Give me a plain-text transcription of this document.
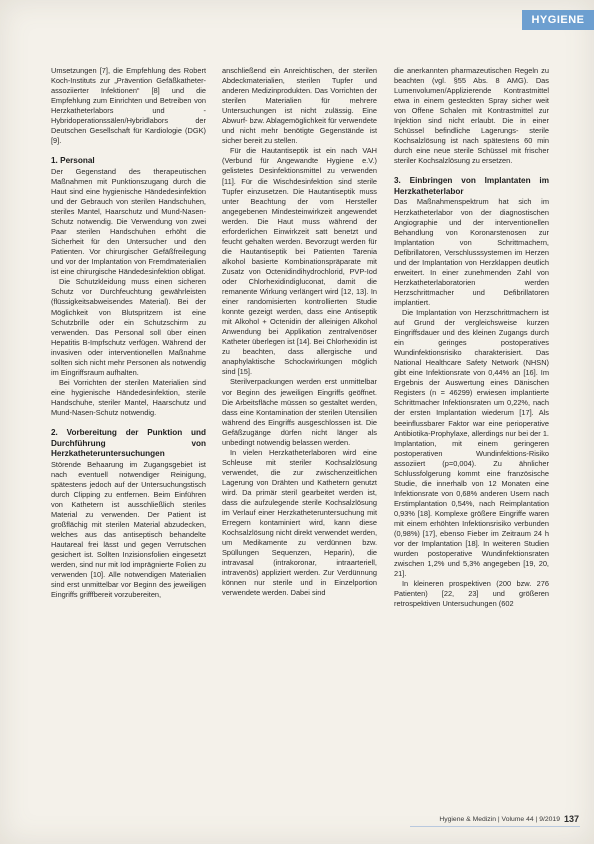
HYGIENE

Umsetzungen [7], die Empfehlung des Robert Koch-Instituts zur „Prävention Gefäßkatheter-assoziierter Infektionen“ [8] und die Empfehlung zum Einrichten und Betreiben von Herzkatheterlabors und -Hybridoperationssälen/Hybridlabors der Deutschen Gesellschaft für Kardiologie (DGK) [9].

1. Personal

Der Gegenstand des therapeutischen Maßnahmen mit Punktionszugang durch die Haut sind eine hygienische Händedesinfektion und der Gebrauch von sterilen Handschuhen, steriles Mantel, Haarschutz und Mund-Nasen-Schutz notwendig. Die Verwendung von zwei Paar sterilen Handschuhen erhöht die Sicherheit für den Untersucher und den Patienten. Vor chirurgischer Gefäßfreilegung und vor der Implantation von Fremdmaterialien ist eine chirurgische Händedesinfektion obligat.

Die Schutzkleidung muss einen sicheren Schutz vor Durchfeuchtung gewährleisten (flüssigkeitsabweisendes Material). Bei der Möglichkeit von Blutspritzern ist eine Schutzbrille oder ein Schutzschirm zu verwenden. Das Personal soll über einen Hepatitis B-Impfschutz verfügen. Während der invasiven oder interventionellen Maßnahme sollten sich nicht mehr Personen als notwendig im Eingriffsraum aufhalten.

Bei Vorrichten der sterilen Materialien sind eine hygienische Händedesinfektion, sterile Handschuhe, steriler Mantel, Haarschutz und Mund-Nasen-Schutz notwendig.

2. Vorbereitung der Punktion und Durchführung von Herzkatheteruntersuchungen

Störende Behaarung im Zugangsgebiet ist nach eventuell notwendiger Reinigung, spätestens jedoch auf der Untersuchungstisch durch Clipping zu entfernen. Beim Einführen von Kathetern ist ausschließlich steriles Material zu verwenden. Der Patient ist großflächig mit sterilen Material abzudecken, welches aus das antiseptisch behandelte Hautareal frei lässt und gegen Verrutschen gesichert ist. Sollten Inzisionsfolien eingesetzt werden, sind nur mit Iod imprägnierte Folien zu verwenden [10]. Alle notwendigen Materialien sind erst unmittelbar vor Beginn des jeweiligen Eingriffs grifffbereit vorzubereiten,

anschließend ein Anreichtischen, der sterilen Abdeckmaterialien, sterilen Tupfer und anderen Medizinprodukten. Das Vorrichten der sterilen Materialien für mehrere Untersuchungen ist nicht zulässig. Eine Abwurf- bzw. Ablagemöglichkeit für verwendete und nicht mehr benötigte Gegenstände ist sicher bereit zu stellen.

Für die Hautantiseptik ist ein nach VAH (Verbund für Angewandte Hygiene e.V.) gelistetes Desinfektionsmittel zu verwenden [11]. Für die Wischdesinfektion sind sterile Tupfer einzusetzen. Die Hautantiseptik muss unter Beachtung der vom Hersteller angegebenen Mindesteinwirkzeit angewendet werden. Die Haut muss während der erforderlichen Einwirkzeit satt benetzt und feucht gehalten werden. Bevorzugt werden für die Hautantiseptik bei Patienten Tarenia alkohol basierte Kombinationspräparate mit Zusatz von Octenidindihydrochlorid, PVP-Iod oder Chlorhexidindigluconat, damit die remanente Wirkung verlängert wird [12, 13]. In einer randomisierten kontrollierten Studie konnte gezeigt werden, dass eine Antiseptik mit Alkohol + Octenidin der alleinigen Alkohol Anwendung bei Applikation zentralvenöser Katheter überlegen ist [14]. Bei Chlorhexidin ist zu beachten, dass allergische und anaphylaktische Schockwirkungen möglich sind [15].

Sterilverpackungen werden erst unmittelbar vor Beginn des jeweiligen Eingriffs geöffnet. Die Arbeitsfläche müssen so gestaltet werden, dass eine Kontamination der sterilen Utensilien während des Eingriffs ausgeschlossen ist. Die Gefäßzugänge dürfen nicht länger als unbedingt notwendig belassen werden.

In vielen Herzkatheterlaboren wird eine Schleuse mit steriler Kochsalzlösung verwendet, die zur zwischenzeitlichen Lagerung von Drähten und Kathetern genutzt wird. Da primär steril gearbeitet werden ist, dass die aufzulegende sterile Kochsalzlösung im Verlauf einer Herzkatheteruntersuchung mit Erregern kontaminiert wird, kann diese Kochsalzlösung nicht direkt verwendet werden, um Medikamente zu verdünnen bzw. Spüllungen Sequenzen, Heparin), die intravasal (intrakoronar, intraarteriell, intravenös) appliziert werden. Zur Verdünnung können nur sterile und in Einzelportion verwendete werden. Dabei sind

die anerkannten pharmazeutischen Regeln zu beachten (vgl. §55 Abs. 8 AMG). Das Lumenvolumen/Applizierende Kontrastmittel etwa in einem gesteckten Spray sicher weit von Offene Schalen mit Kontrastmittel zur Injektion sind nicht erlaubt. Die in einer Schüssel befindliche Lagerungs- sterile Kochsalzlösung ist nach spätestens 60 min durch eine neue sterile Schüssel mit frischer steriler Kochsalzlösung zu ersetzen.

3. Einbringen von Implantaten im Herzkatheterlabor

Das Maßnahmenspektrum hat sich im Herzkatheterlabor von der diagnostischen Angiographie und der interventionellen Behandlung von Koronarstenosen zur Implantation von Schrittmachern, Defibrillatoren, Verschlusssystemen im Herzen und der Implantation von Herzklappen deutlich erweitert. In einer zunehmenden Zahl von Herzkatheterlaboratorien werden Herzschrittmacher und Defibrillatoren implantiert.

Die Implantation von Herzschrittmachern ist auf Grund der vergleichsweise kurzen Eingriffsdauer und des kleinen Zugangs durch ein geringes postoperatives Wundinfektionsrisiko charakterisiert. Das National Healthcare Safety Network (NHSN) gibt eine Infektionsrate von 0,44% an [16]. Im Ergebnis der Auswertung eines Dänischen Registers (n = 46299) erwiesen implantierte Schrittmacher Infektionsraten um 0,22%, nach der ersten Implantation wiederum [17]. Als beeinflussbarer Faktor war eine perioperative Antibiotika-Prophylaxe, allerdings nur bei der 1. Implantation, mit einem geringeren postoperativen Wundinfektions-Risiko assoziiert (p=0,004). Zu ähnlicher Schlussfolgerung kommt eine französische Studie, die innerhalb von 12 Monaten eine Infektionsrate von 0,68% anderen Usern nach Erstimplantation 0,54%, nach Reimplantation 0,93% [18]. Komplexe größere Eingriffe waren mit einem erhöhten Infektionsrisiko verbunden (0,98%) [17], ebenso Fieber im Zeitraum 24 h vor der Implantation [18]. In weiteren Studien wurden postoperative Wundinfektionsraten zwischen 1,2% und 5,3% angegeben [19, 20, 21].

In kleineren prospektiven (200 bzw. 276 Patienten) [22, 23] und größeren retrospektiven Untersuchungen (602

Hygiene & Medizin | Volume 44 | 9/2019 137
